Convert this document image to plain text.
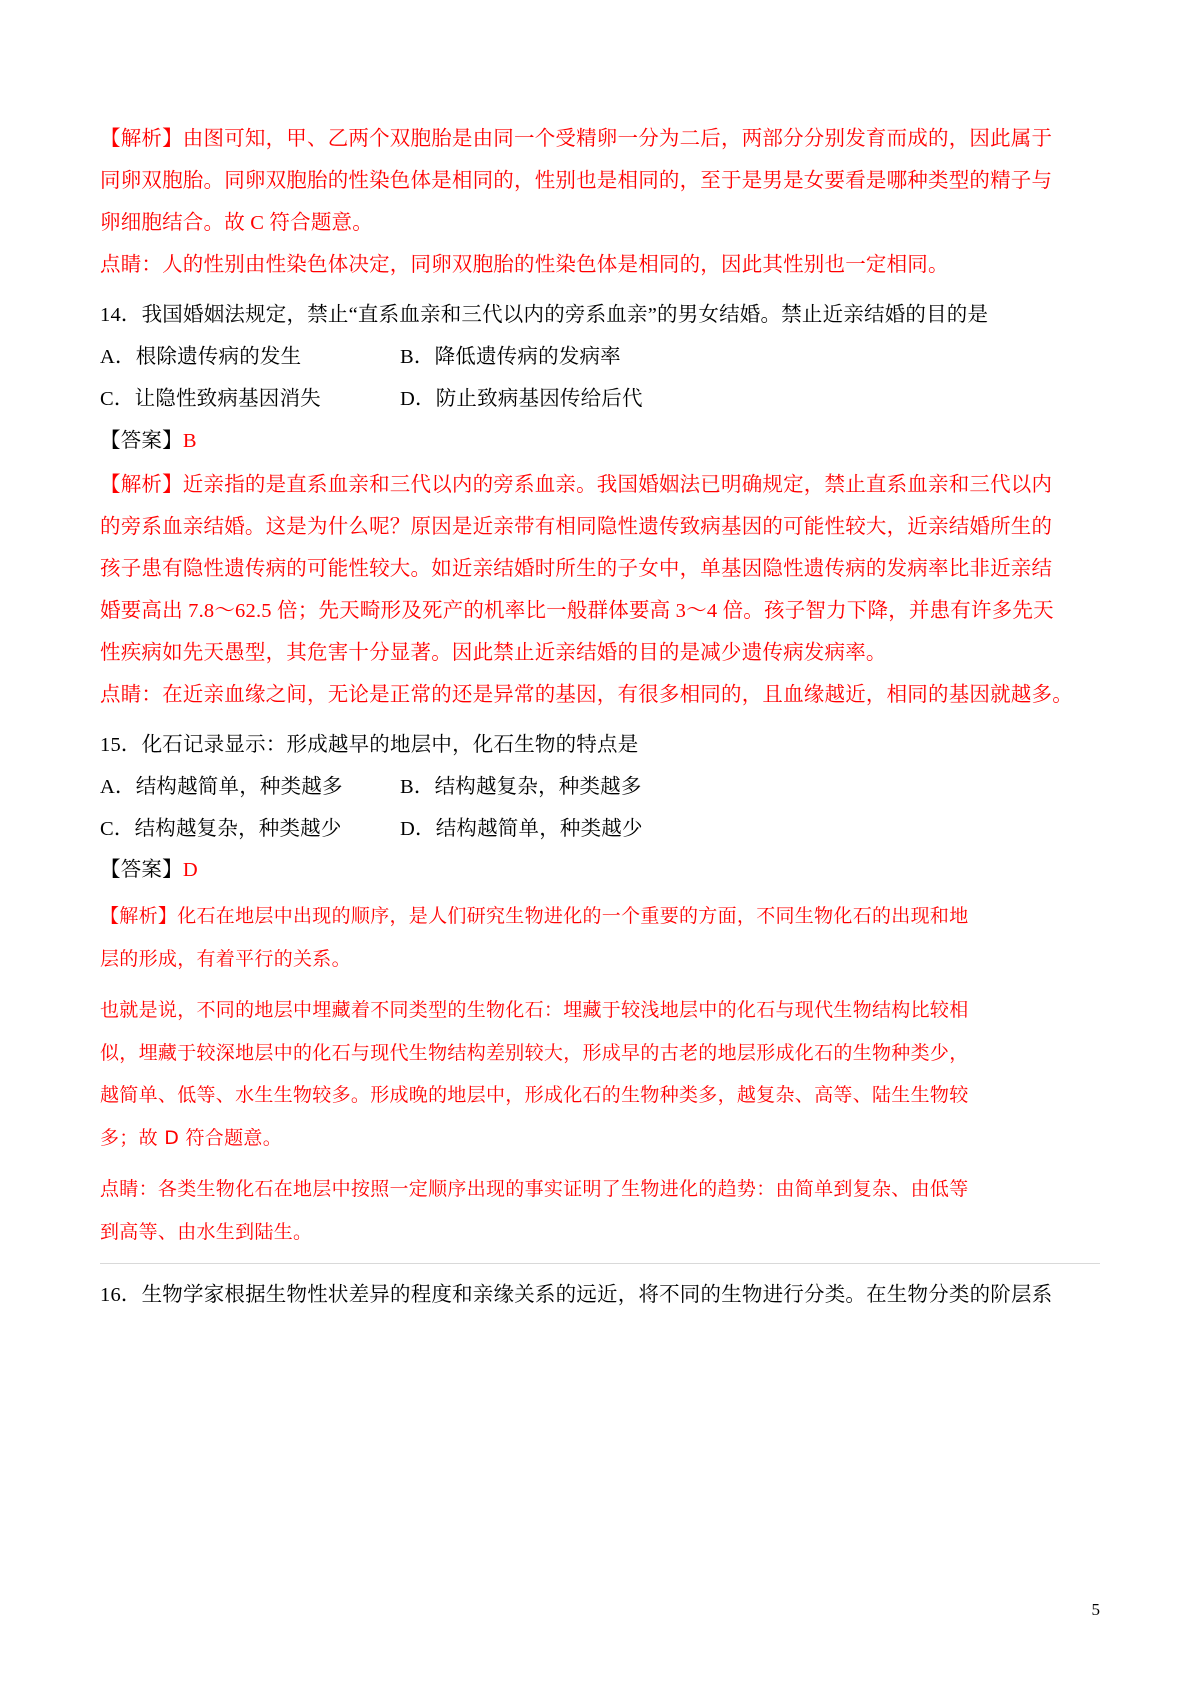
【解析】由图可知，甲、乙两个双胞胎是由同一个受精卵一分为二后，两部分分别发育而成的，因此属于

同卵双胞胎。同卵双胞胎的性染色体是相同的，性别也是相同的，至于是男是女要看是哪种类型的精子与

卵细胞结合。故 C 符合题意。

点睛：人的性别由性染色体决定，同卵双胞胎的性染色体是相同的，因此其性别也一定相同。

14．我国婚姻法规定，禁止“直系血亲和三代以内的旁系血亲”的男女结婚。禁止近亲结婚的目的是

A．根除遗传病的发生	B．降低遗传病的发病率

C．让隐性致病基因消失	D．防止致病基因传给后代

【答案】B

【解析】近亲指的是直系血亲和三代以内的旁系血亲。我国婚姻法已明确规定，禁止直系血亲和三代以内

的旁系血亲结婚。这是为什么呢？原因是近亲带有相同隐性遗传致病基因的可能性较大，近亲结婚所生的

孩子患有隐性遗传病的可能性较大。如近亲结婚时所生的子女中，单基因隐性遗传病的发病率比非近亲结

婚要高出 7.8～62.5 倍；先天畸形及死产的机率比一般群体要高 3～4 倍。孩子智力下降，并患有许多先天

性疾病如先天愚型，其危害十分显著。因此禁止近亲结婚的目的是减少遗传病发病率。

点睛：在近亲血缘之间，无论是正常的还是异常的基因，有很多相同的，且血缘越近，相同的基因就越多。

15．化石记录显示：形成越早的地层中，化石生物的特点是

A．结构越简单，种类越多	B．结构越复杂，种类越多

C．结构越复杂，种类越少	D．结构越简单，种类越少

【答案】D

【解析】化石在地层中出现的顺序，是人们研究生物进化的一个重要的方面，不同生物化石的出现和地

层的形成，有着平行的关系。

也就是说，不同的地层中埋藏着不同类型的生物化石：埋藏于较浅地层中的化石与现代生物结构比较相

似，埋藏于较深地层中的化石与现代生物结构差别较大，形成早的古老的地层形成化石的生物种类少，

越简单、低等、水生生物较多。形成晚的地层中，形成化石的生物种类多，越复杂、高等、陆生生物较

多；故 D 符合题意。

点睛：各类生物化石在地层中按照一定顺序出现的事实证明了生物进化的趋势：由简单到复杂、由低等

到高等、由水生到陆生。

16．生物学家根据生物性状差异的程度和亲缘关系的远近，将不同的生物进行分类。在生物分类的阶层系

5
